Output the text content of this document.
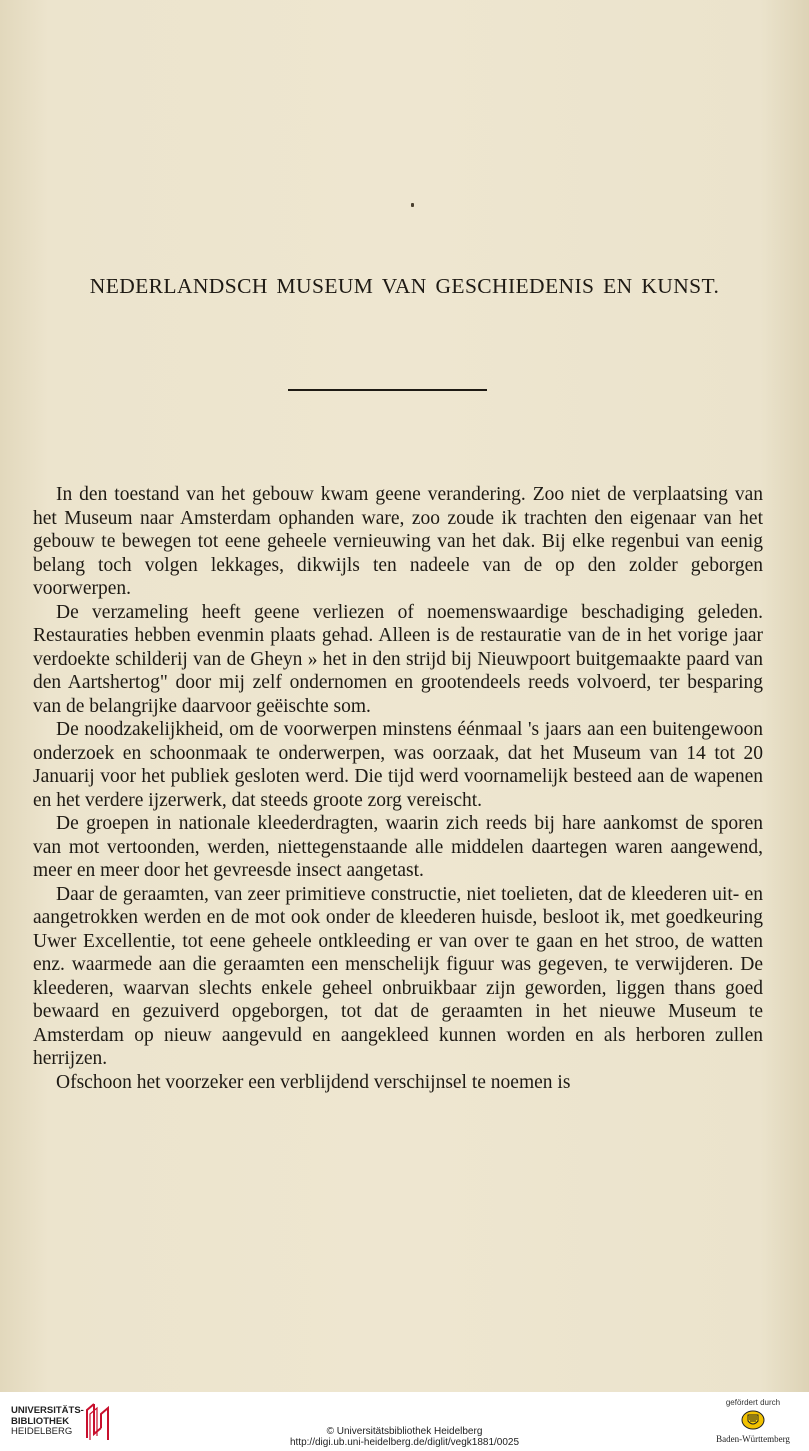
NEDERLANDSCH MUSEUM VAN GESCHIEDENIS EN KUNST.

In den toestand van het gebouw kwam geene verandering. Zoo niet de verplaatsing van het Museum naar Amsterdam ophanden ware, zoo zoude ik trachten den eigenaar van het gebouw te bewegen tot eene geheele vernieuwing van het dak. Bij elke regenbui van eenig belang toch volgen lekkages, dikwijls ten nadeele van de op den zolder geborgen voorwerpen.

De verzameling heeft geene verliezen of noemenswaardige beschadiging geleden. Restauraties hebben evenmin plaats gehad. Alleen is de restauratie van de in het vorige jaar verdoekte schilderij van de Gheyn » het in den strijd bij Nieuwpoort buitgemaakte paard van den Aartshertog" door mij zelf ondernomen en grootendeels reeds volvoerd, ter besparing van de belangrijke daarvoor geëischte som.

De noodzakelijkheid, om de voorwerpen minstens éénmaal 's jaars aan een buitengewoon onderzoek en schoonmaak te onderwerpen, was oorzaak, dat het Museum van 14 tot 20 Januarij voor het publiek gesloten werd. Die tijd werd voornamelijk besteed aan de wapenen en het verdere ijzerwerk, dat steeds groote zorg vereischt.

De groepen in nationale kleederdragten, waarin zich reeds bij hare aankomst de sporen van mot vertoonden, werden, niettegenstaande alle middelen daartegen waren aangewend, meer en meer door het gevreesde insect aangetast.

Daar de geraamten, van zeer primitieve constructie, niet toelieten, dat de kleederen uit- en aangetrokken werden en de mot ook onder de kleederen huisde, besloot ik, met goedkeuring Uwer Excellentie, tot eene geheele ontkleeding er van over te gaan en het stroo, de watten enz. waarmede aan die geraamten een menschelijk figuur was gegeven, te verwijderen. De kleederen, waarvan slechts enkele geheel onbruikbaar zijn geworden, liggen thans goed bewaard en gezuiverd opgeborgen, tot dat de geraamten in het nieuwe Museum te Amsterdam op nieuw aangevuld en aangekleed kunnen worden en als herboren zullen herrijzen.

Ofschoon het voorzeker een verblijdend verschijnsel te noemen is

UNIVERSITÄTS-
BIBLIOTHEK
HEIDELBERG	© Universitätsbibliothek Heidelberg
http://digi.ub.uni-heidelberg.de/diglit/vegk1881/0025
gefördert durch
Baden-Württemberg
